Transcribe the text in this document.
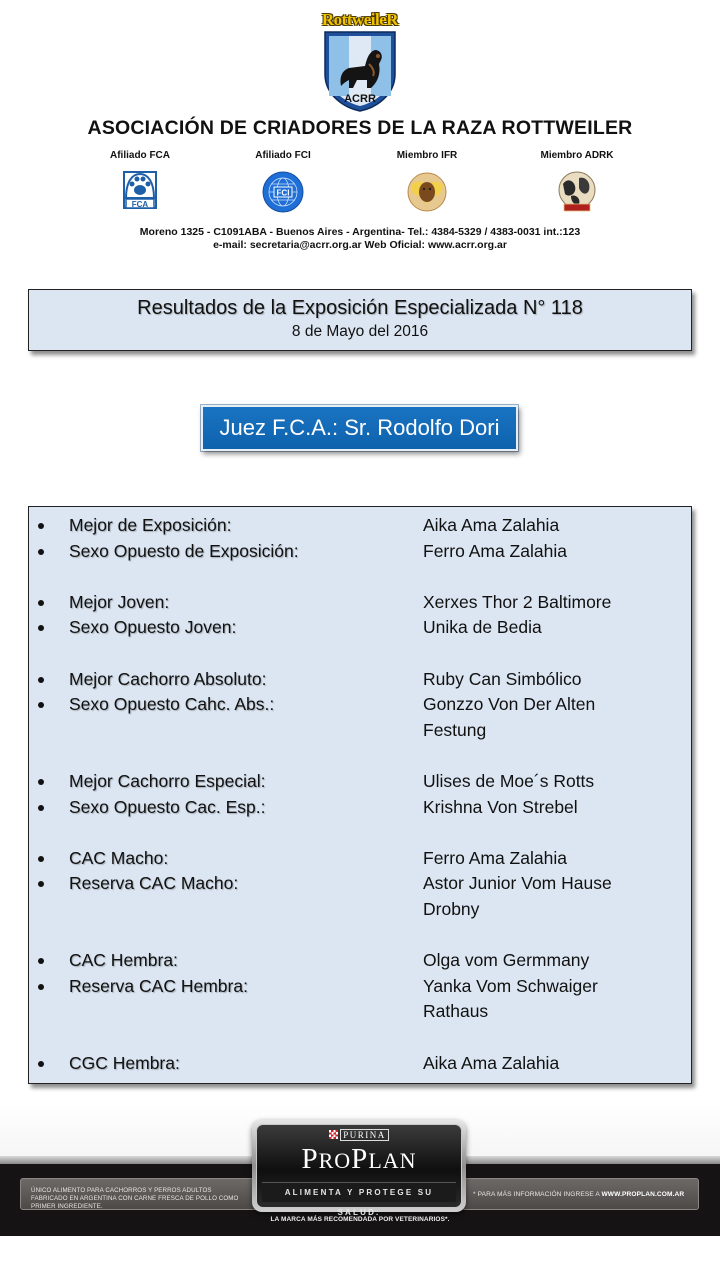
RottweileR
ACRR
ASOCIACIÓN DE CRIADORES DE LA RAZA ROTTWEILER
Afiliado FCA
FCA
Afiliado FCI
FCI
Miembro IFR	Miembro ADRK
Moreno 1325 - C1091ABA - Buenos Aires - Argentina- Tel.: 4384-5329 / 4383-0031 int.:123
e-mail: secretaria@acrr.org.ar Web Oficial: www.acrr.org.ar
Resultados de la Exposición Especializada N° 118
8 de Mayo del 2016
Juez F.C.A.: Sr. Rodolfo Dori
Mejor de Exposición:	Aika Ama Zalahia
Sexo Opuesto de Exposición:	Ferro Ama Zalahia
Mejor Joven:	Xerxes Thor 2 Baltimore
Sexo Opuesto Joven:	Unika de Bedia
Mejor Cachorro Absoluto:	Ruby Can Simbólico
Sexo Opuesto Cahc. Abs.:	Gonzzo Von Der Alten
Festung
Mejor Cachorro Especial:	Ulises de Moe´s Rotts
Sexo Opuesto Cac. Esp.:	Krishna Von Strebel
CAC Macho:	Ferro Ama Zalahia
Reserva CAC Macho:	Astor Junior Vom Hause
Drobny
CAC Hembra:	Olga vom Germmany
Reserva CAC Hembra:	Yanka Vom Schwaiger
Rathaus
CGC Hembra:	Aika Ama Zalahia
ÚNICO ALIMENTO PARA CACHORROS Y PERROS ADULTOS FABRICADO EN ARGENTINA CON CARNE FRESCA DE POLLO COMO PRIMER INGREDIENTE.
* PARA MÁS INFORMACIÓN INGRESE A WWW.PROPLAN.COM.AR
PURINA
PROPLAN
ALIMENTA Y PROTEGE SU SALUD.
LA MARCA MÁS RECOMENDADA POR VETERINARIOS*.
